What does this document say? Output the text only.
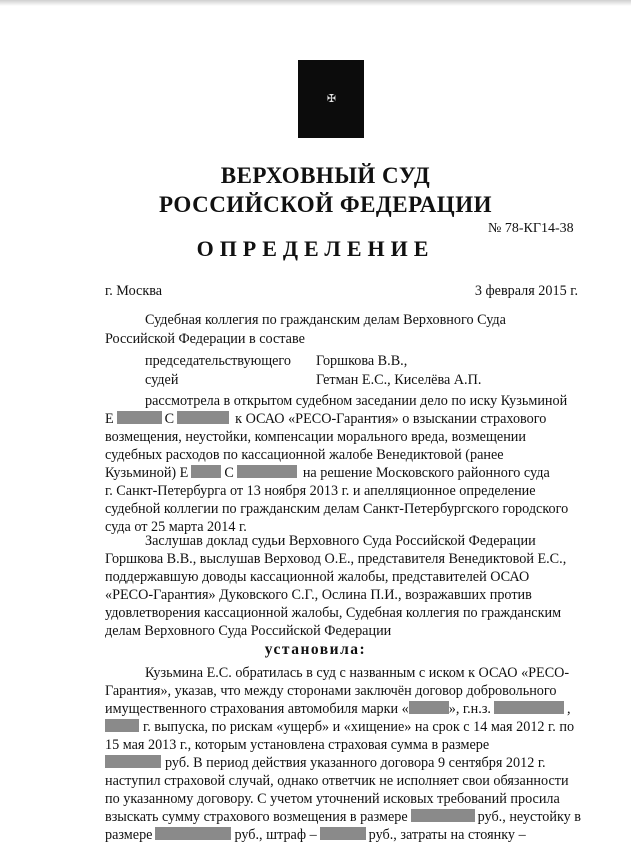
✠
ВЕРХОВНЫЙ СУД
РОССИЙСКОЙ ФЕДЕРАЦИИ
№ 78-КГ14-38
ОПРЕДЕЛЕНИЕ
г. Москва	3 февраля 2015 г.
Судебная коллегия по гражданским делам Верховного Суда
Российской Федерации в составе
председательствующего Горшкова В.В.,
судей	Гетман Е.С., Киселёва А.П.
рассмотрела в открытом судебном заседании дело по иску Кузьминой
Е	С	к ОСАО «РЕСО-Гарантия» о взыскании страхового
возмещения, неустойки, компенсации морального вреда, возмещении
судебных расходов по кассационной жалобе Венедиктовой (ранее
Кузьминой) Е	С	на решение Московского районного суда
г. Санкт-Петербурга от 13 ноября 2013 г. и апелляционное определение
судебной коллегии по гражданским делам Санкт-Петербургского городского
суда от 25 марта 2014 г.
Заслушав доклад судьи Верховного Суда Российской Федерации
Горшкова В.В., выслушав Верховод О.Е., представителя Венедиктовой Е.С.,
поддержавшую доводы кассационной жалобы, представителей ОСАО
«РЕСО-Гарантия» Дуковского С.Г., Ослина П.И., возражавших против
удовлетворения кассационной жалобы, Судебная коллегия по гражданским
делам Верховного Суда Российской Федерации
установила:
Кузьмина Е.С. обратилась в суд с названным с иском к ОСАО «РЕСО-
Гарантия», указав, что между сторонами заключён договор добровольного
имущественного страхования автомобиля марки «	», г.н.з.	,
г. выпуска, по рискам «ущерб» и «хищение» на срок с 14 мая 2012 г. по
15 мая 2013 г., которым установлена страховая сумма в размере
руб. В период действия указанного договора 9 сентября 2012 г.
наступил страховой случай, однако ответчик не исполняет свои обязанности
по указанному договору. С учетом уточнений исковых требований просила
взыскать сумму страхового возмещения в размере	руб., неустойку в
размере	руб., штраф –	руб., затраты на стоянку –
